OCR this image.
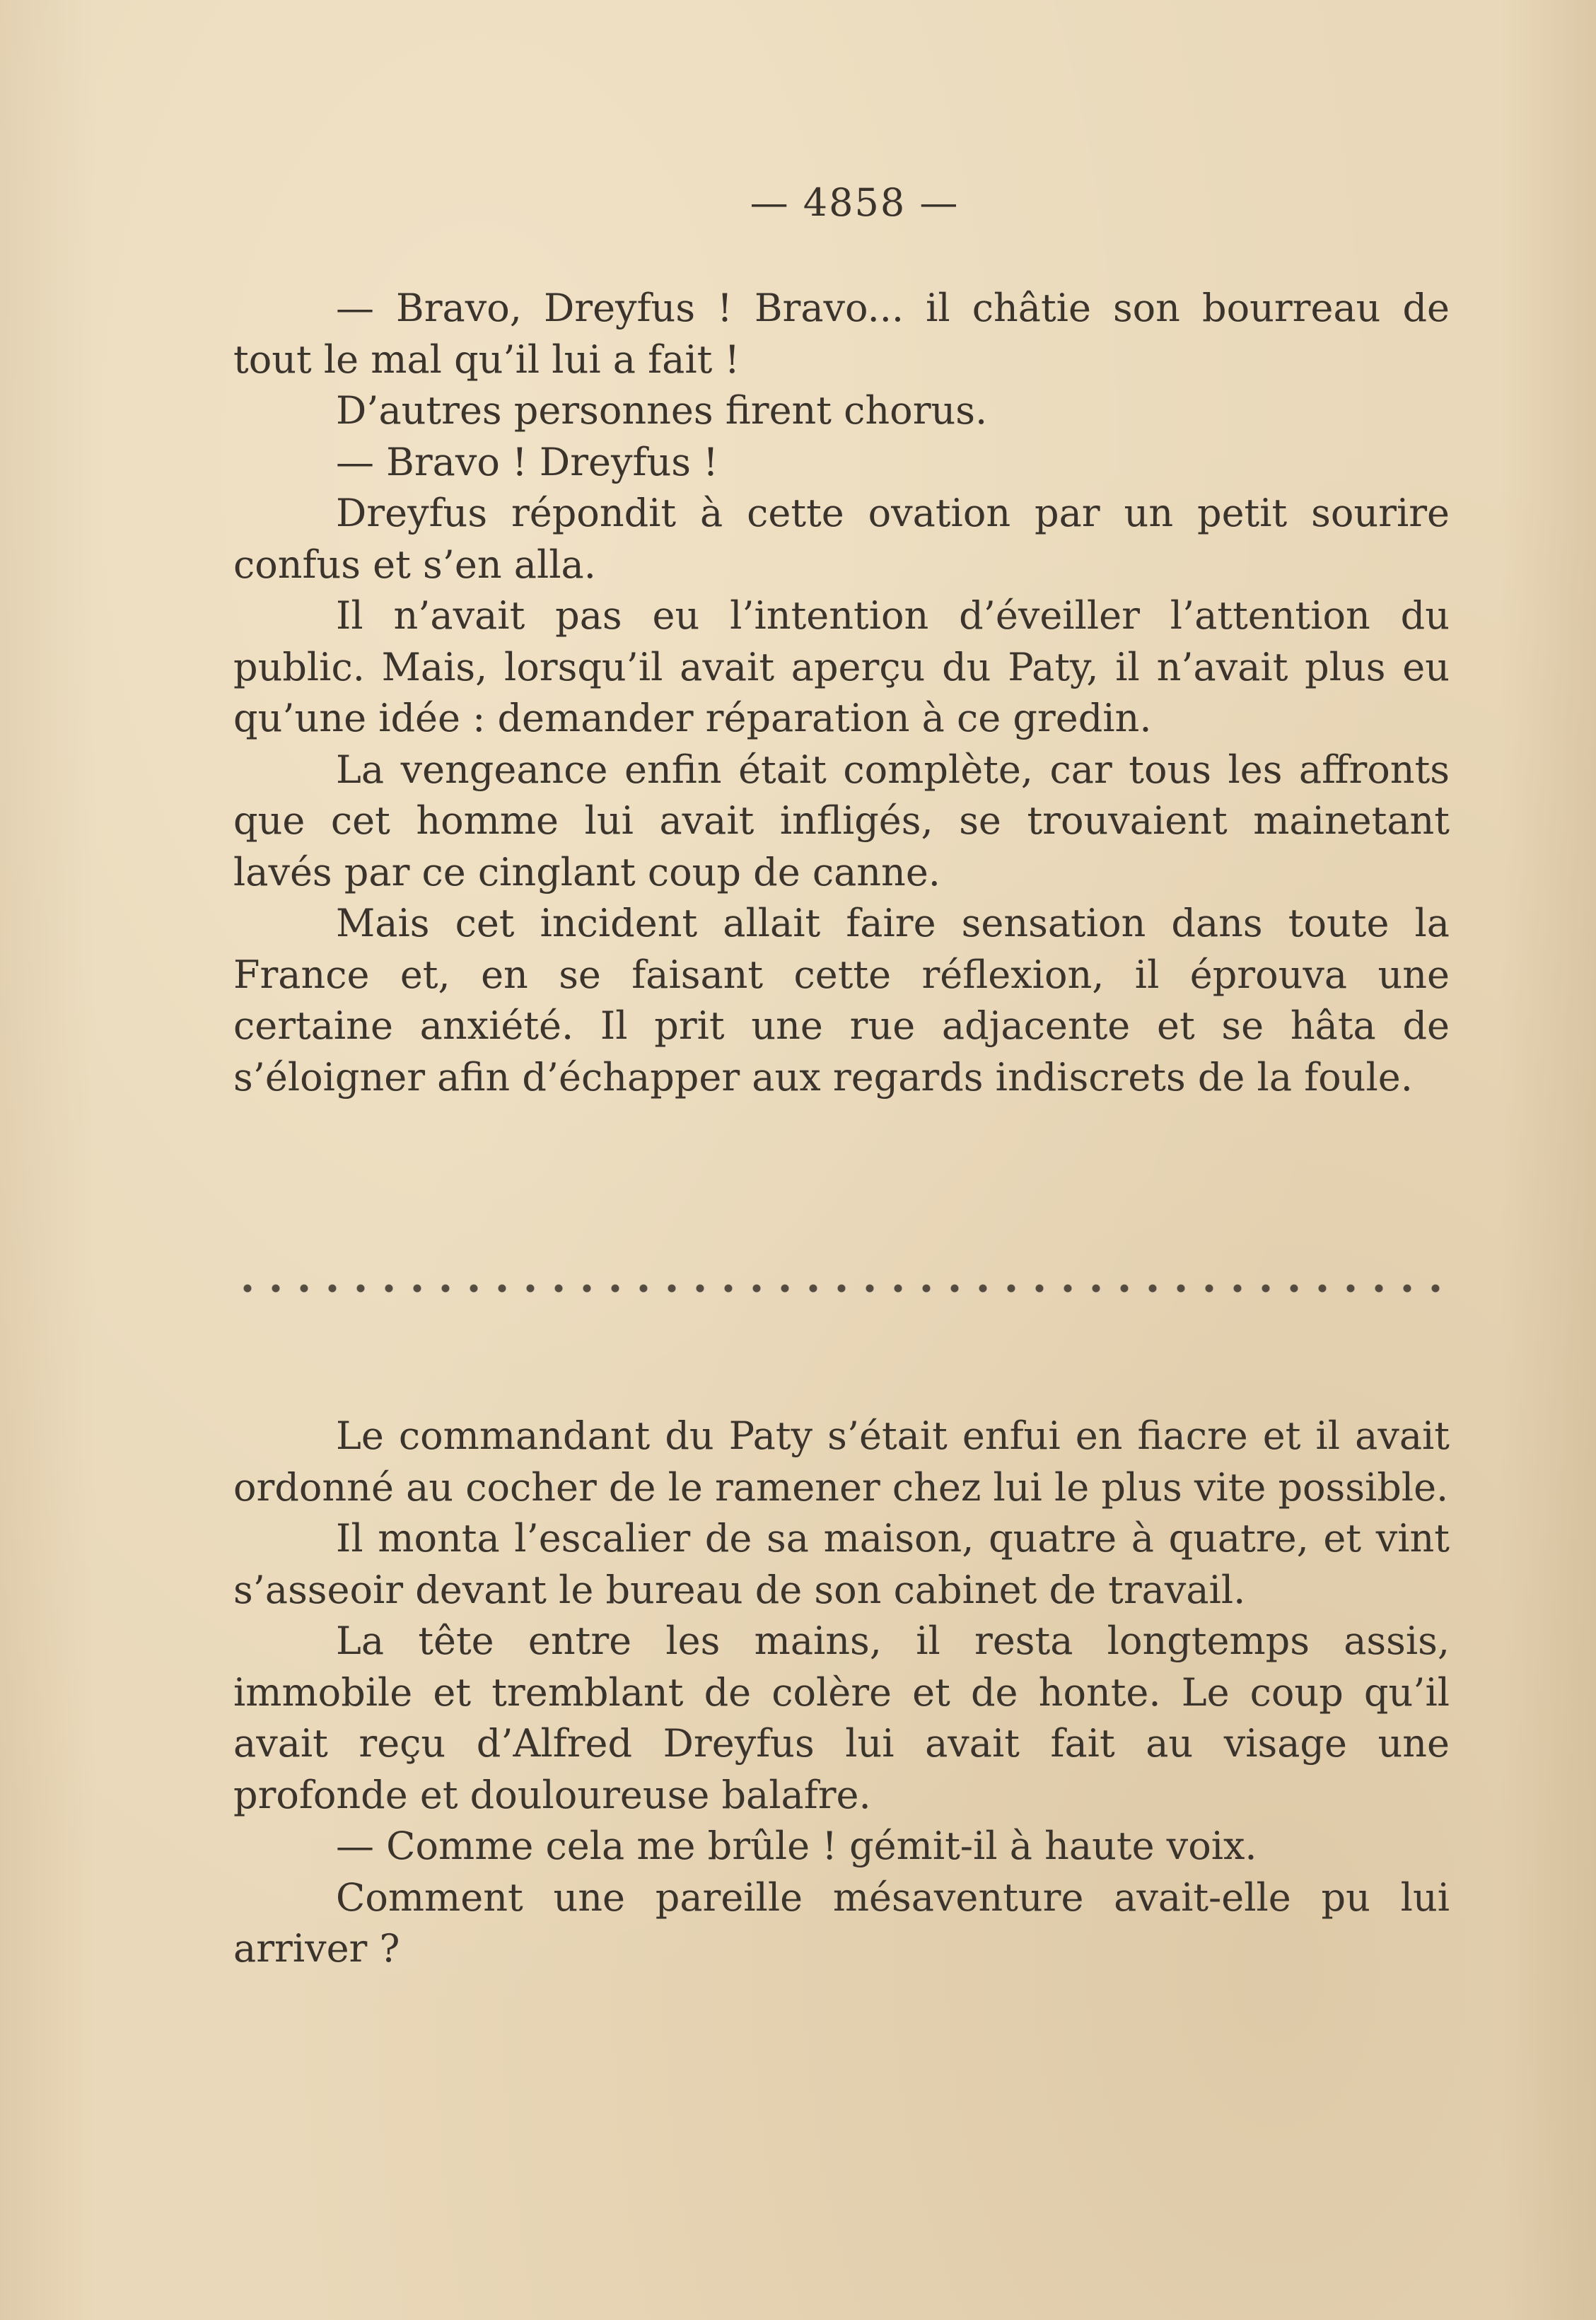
— 4858 —

— Bravo, Dreyfus ! Bravo... il châtie son bourreau de tout le mal qu’il lui a fait !

D’autres personnes firent chorus.

— Bravo ! Dreyfus !

Dreyfus répondit à cette ovation par un petit sourire confus et s’en alla.

Il n’avait pas eu l’intention d’éveiller l’attention du public. Mais, lorsqu’il avait aperçu du Paty, il n’avait plus eu qu’une idée : demander réparation à ce gredin.

La vengeance enfin était complète, car tous les affronts que cet homme lui avait infligés, se trouvaient mainetant lavés par ce cinglant coup de canne.

Mais cet incident allait faire sensation dans toute la France et, en se faisant cette réflexion, il éprouva une certaine anxiété. Il prit une rue adjacente et se hâta de s’éloigner afin d’échapper aux regards indiscrets de la foule.

Le commandant du Paty s’était enfui en fiacre et il avait ordonné au cocher de le ramener chez lui le plus vite possible.

Il monta l’escalier de sa maison, quatre à quatre, et vint s’asseoir devant le bureau de son cabinet de travail.

La tête entre les mains, il resta longtemps assis, immobile et tremblant de colère et de honte. Le coup qu’il avait reçu d’Alfred Dreyfus lui avait fait au visage une profonde et douloureuse balafre.

— Comme cela me brûle ! gémit-il à haute voix.

Comment une pareille mésaventure avait-elle pu lui arriver ?
